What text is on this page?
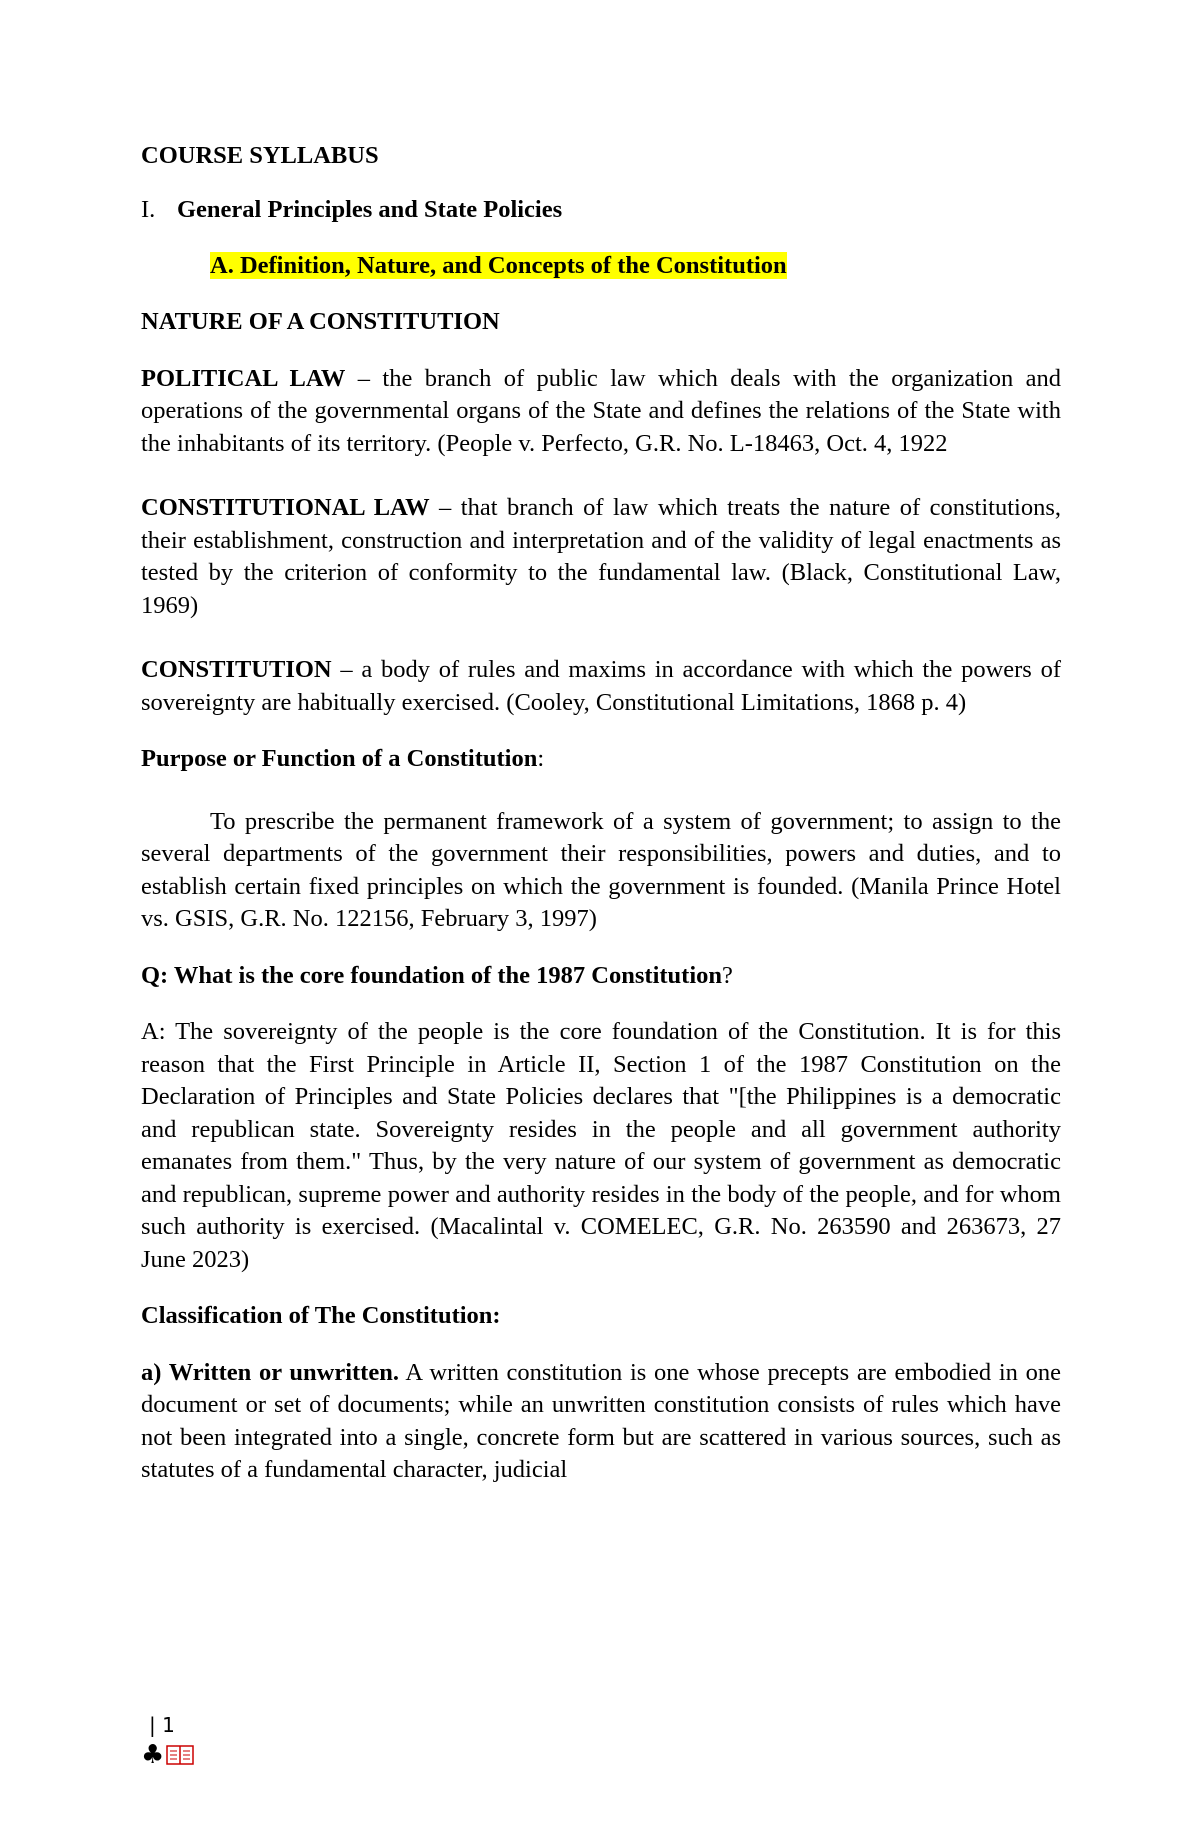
COURSE SYLLABUS

I. General Principles and State Policies

A. Definition, Nature, and Concepts of the Constitution

NATURE OF A CONSTITUTION

POLITICAL LAW – the branch of public law which deals with the organization and operations of the governmental organs of the State and defines the relations of the State with the inhabitants of its territory. (People v. Perfecto, G.R. No. L-18463, Oct. 4, 1922

CONSTITUTIONAL LAW – that branch of law which treats the nature of constitutions, their establishment, construction and interpretation and of the validity of legal enactments as tested by the criterion of conformity to the fundamental law. (Black, Constitutional Law, 1969)

CONSTITUTION – a body of rules and maxims in accordance with which the powers of sovereignty are habitually exercised. (Cooley, Constitutional Limitations, 1868 p. 4)

Purpose or Function of a Constitution:

To prescribe the permanent framework of a system of government; to assign to the several departments of the government their responsibilities, powers and duties, and to establish certain fixed principles on which the government is founded. (Manila Prince Hotel vs. GSIS, G.R. No. 122156, February 3, 1997)

Q: What is the core foundation of the 1987 Constitution?

A: The sovereignty of the people is the core foundation of the Constitution. It is for this reason that the First Principle in Article II, Section 1 of the 1987 Constitution on the Declaration of Principles and State Policies declares that "[the Philippines is a democratic and republican state. Sovereignty resides in the people and all government authority emanates from them." Thus, by the very nature of our system of government as democratic and republican, supreme power and authority resides in the body of the people, and for whom such authority is exercised. (Macalintal v. COMELEC, G.R. No. 263590 and 263673, 27 June 2023)

Classification of The Constitution:

a) Written or unwritten. A written constitution is one whose precepts are embodied in one document or set of documents; while an unwritten constitution consists of rules which have not been integrated into a single, concrete form but are scattered in various sources, such as statutes of a fundamental character, judicial

| 1
♣
